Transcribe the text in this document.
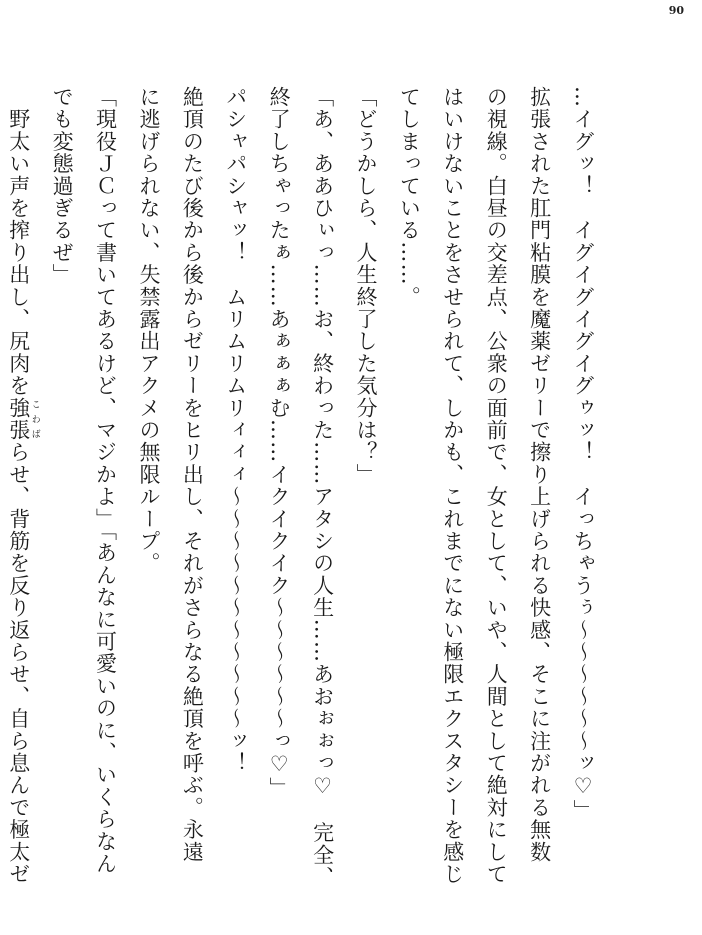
90

…イグッ！　イグイグイグイグゥッ！　イっちゃうぅ〜〜〜〜〜〜ッ♡」

拡張された肛門粘膜を魔薬ゼリーで擦り上げられる快感、そこに注がれる無数

の視線。白昼の交差点、公衆の面前で、女として、いや、人間として絶対にして

はいけないことをさせられて、しかも、これまでにない極限エクスタシーを感じ

てしまっている……。

「どうかしら、人生終了した気分は？」

「あ、ああひぃっ……お、終わった……アタシの人生……あおぉぉっ♡　完全、

終了しちゃったぁ……あぁぁぁむ……イクイクイク〜〜〜〜〜〜っ♡」

パシャパシャッ！　ムリムリムリィィィ〜〜〜〜〜〜〜〜〜〜〜ッ！

絶頂のたび後から後からゼリーをヒリ出し、それがさらなる絶頂を呼ぶ。永遠

に逃げられない、失禁露出アクメの無限ループ。

「現役ＪＣって書いてあるけど、マジかよ」「あんなに可愛いのに、いくらなん

でも変態過ぎるぜ」

　野太い声を搾り出し、尻肉を強張 こわばらせ、背筋を反り返らせ、自ら息んで極太ゼ
